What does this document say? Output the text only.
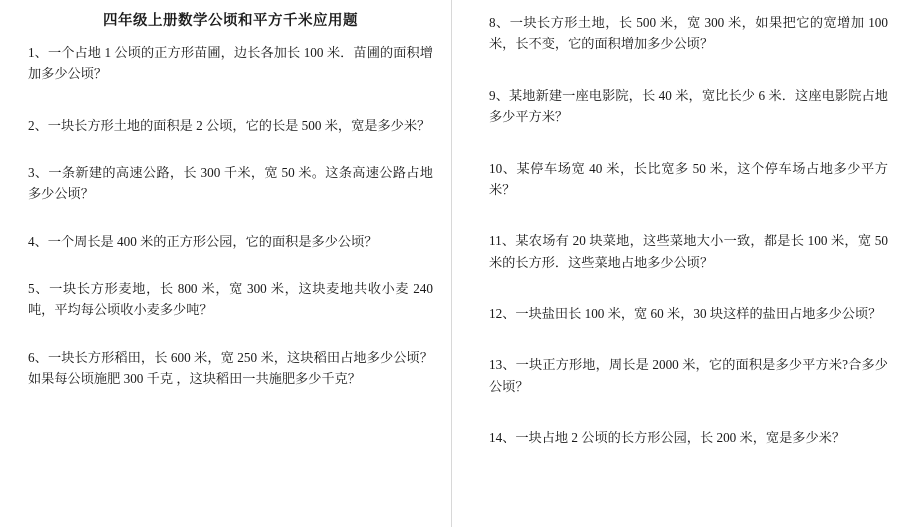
四年级上册数学公顷和平方千米应用题

1、一个占地 1 公顷的正方形苗圃，边长各加长 100 米．苗圃的面积增加多少公顷？

2、一块长方形土地的面积是 2 公顷，它的长是 500 米，宽是多少米？

3、一条新建的高速公路，长 300 千米，宽 50 米。这条高速公路占地多少公顷？

4、一个周长是 400 米的正方形公园，它的面积是多少公顷？

5、一块长方形麦地，长 800 米，宽 300 米，这块麦地共收小麦 240 吨，平均每公顷收小麦多少吨？

6、一块长方形稻田，长 600 米，宽 250 米，这块稻田占地多少公顷？如果每公顷施肥 300 千克 ，这块稻田一共施肥多少千克？

8、一块长方形土地，长 500 米，宽 300 米，如果把它的宽增加 100 米，长不变，它的面积增加多少公顷？

9、某地新建一座电影院，长 40 米，宽比长少 6 米．这座电影院占地多少平方米？

10、某停车场宽 40 米，长比宽多 50 米，这个停车场占地多少平方米？

11、某农场有 20 块菜地，这些菜地大小一致，都是长 100 米，宽 50 米的长方形．这些菜地占地多少公顷？

12、一块盐田长 100 米，宽 60 米，30 块这样的盐田占地多少公顷？

13、一块正方形地，周长是 2000 米，它的面积是多少平方米?合多少公顷？

14、一块占地 2 公顷的长方形公园，长 200 米，宽是多少米？
